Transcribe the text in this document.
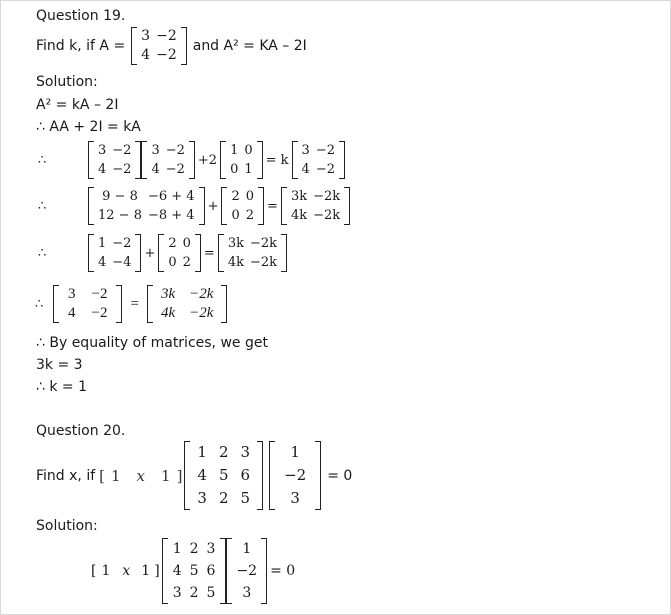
Question 19.
Find k, if A =
3	−2
4	−2
and A² = KA – 2I
Solution:
A² = kA – 2I
∴ AA + 2I = kA
∴
3	−2
4	−2
3	−2
4	−2
+2
1	0
0	1
= k
3	−2
4	−2
∴
9 − 8	−6 + 4
12 − 8	−8 + 4
+
2	0
0	2
=
3k	−2k
4k	−2k
∴
1	−2
4	−4
+
2	0
0	2
=
3k	−2k
4k	−2k
∴
3	−2
4	−2
=
3k	−2k
4k	−2k
∴ By equality of matrices, we get
3k = 3
∴ k = 1
Question 20.
Find x, if [ 1 x 1 ]
1	2	3
4	5	6
3	2	5
1
−2
3
= 0
Solution:
[ 1 x 1 ]
1	2	3
4	5	6
3	2	5
1
−2
3
= 0
